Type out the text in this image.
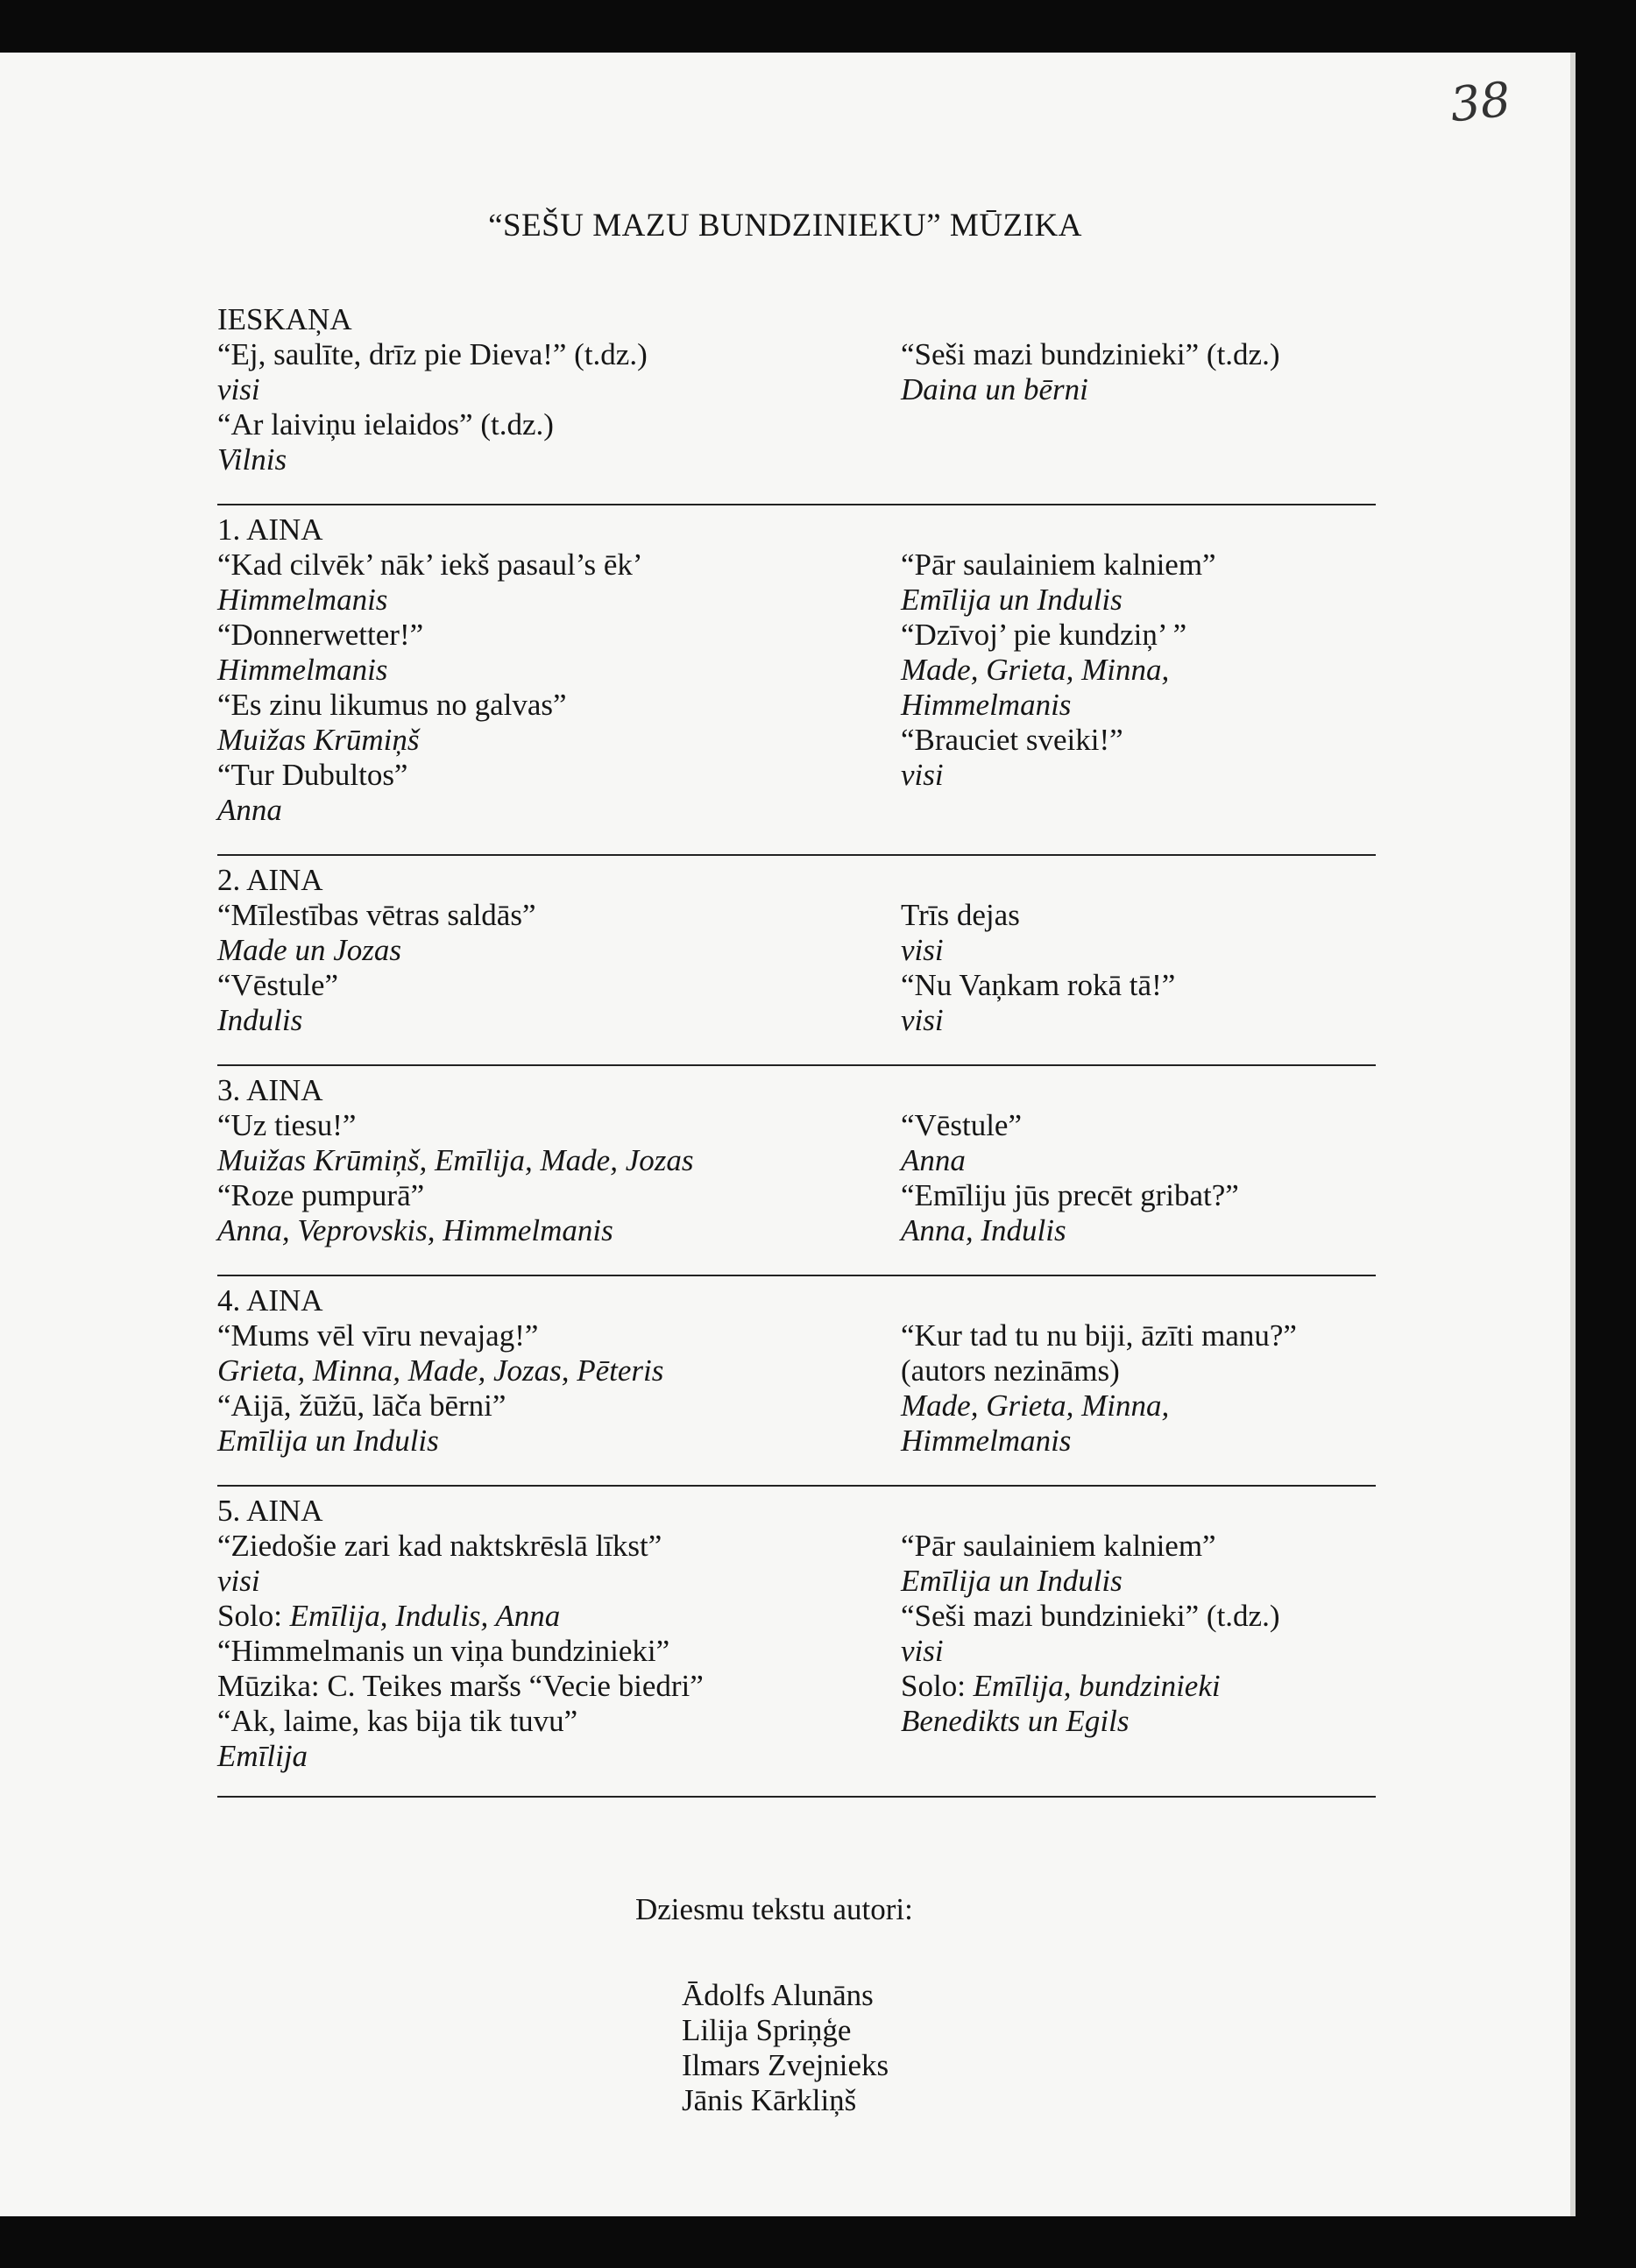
38
“SEŠU MAZU BUNDZINIEKU” MŪZIKA
IESKAŅA
“Ej, saulīte, drīz pie Dieva!” (t.dz.)
visi
“Ar laiviņu ielaidos” (t.dz.)
Vilnis
“Seši mazi bundzinieki” (t.dz.)
Daina un bērni
1. AINA
“Kad cilvēk’ nāk’ iekš pasaul’s ēk’
Himmelmanis
“Donnerwetter!”
Himmelmanis
“Es zinu likumus no galvas”
Muižas Krūmiņš
“Tur Dubultos”
Anna
“Pār saulainiem kalniem”
Emīlija un Indulis
“Dzīvoj’ pie kundziņ’ ”
Made, Grieta, Minna,
Himmelmanis
“Brauciet sveiki!”
visi
2. AINA
“Mīlestības vētras saldās”
Made un Jozas
“Vēstule”
Indulis
Trīs dejas
visi
“Nu Vaņkam rokā tā!”
visi
3. AINA
“Uz tiesu!”
Muižas Krūmiņš, Emīlija, Made, Jozas
“Roze pumpurā”
Anna, Veprovskis, Himmelmanis
“Vēstule”
Anna
“Emīliju jūs precēt gribat?”
Anna, Indulis
4. AINA
“Mums vēl vīru nevajag!”
Grieta, Minna, Made, Jozas, Pēteris
“Aijā, žūžū, lāča bērni”
Emīlija un Indulis
“Kur tad tu nu biji, āzīti manu?”
(autors nezināms)
Made, Grieta, Minna,
Himmelmanis
5. AINA
“Ziedošie zari kad naktskrēslā līkst”
visi
Solo: Emīlija, Indulis, Anna
“Himmelmanis un viņa bundzinieki”
Mūzika: C. Teikes maršs “Vecie biedri”
“Ak, laime, kas bija tik tuvu”
Emīlija
“Pār saulainiem kalniem”
Emīlija un Indulis
“Seši mazi bundzinieki” (t.dz.)
visi
Solo: Emīlija, bundzinieki
Benedikts un Egils
Dziesmu tekstu autori:
Ādolfs Alunāns
Lilija Spriņģe
Ilmars Zvejnieks
Jānis Kārkliņš
